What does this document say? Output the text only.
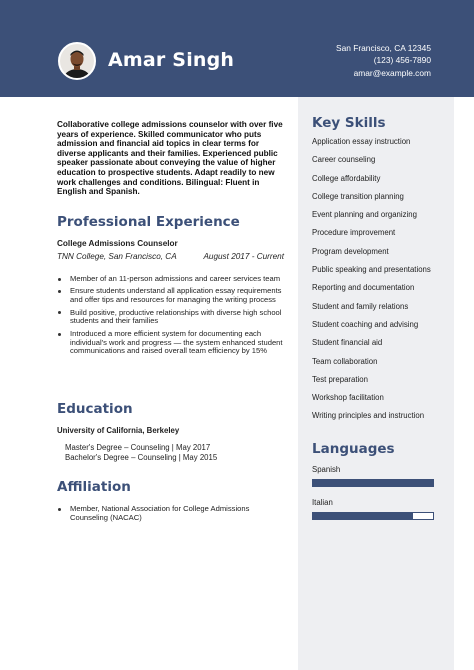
Amar Singh
San Francisco, CA 12345
(123) 456-7890
amar@example.com

Collaborative college admissions counselor with over five years of experience. Skilled communicator who puts admission and financial aid topics in clear terms for diverse applicants and their families. Experienced public speaker passionate about conveying the value of higher education to prospective students. Adapt readily to new work challenges and conditions. Bilingual: Fluent in English and Spanish.

Professional Experience
College Admissions Counselor
TNN College, San Francisco, CA	August 2017 - Current
Member of an 11-person admissions and career services team
Ensure students understand all application essay requirements and offer tips and resources for managing the writing process
Build positive, productive relationships with diverse high school students and their families
Introduced a more efficient system for documenting each individual's work and progress — the system enhanced student communications and raised overall team efficiency by 15%
Education
University of California, Berkeley
Master's Degree – Counseling | May 2017
Bachelor's Degree – Counseling | May 2015
Affiliation
Member, National Association for College Admissions Counseling (NACAC)
Key Skills
Application essay instruction
Career counseling
College affordability
College transition planning
Event planning and organizing
Procedure improvement
Program development
Public speaking and presentations
Reporting and documentation
Student and family relations
Student coaching and advising
Student financial aid
Team collaboration
Test preparation
Workshop facilitation
Writing principles and instruction
Languages
Spanish
Italian
